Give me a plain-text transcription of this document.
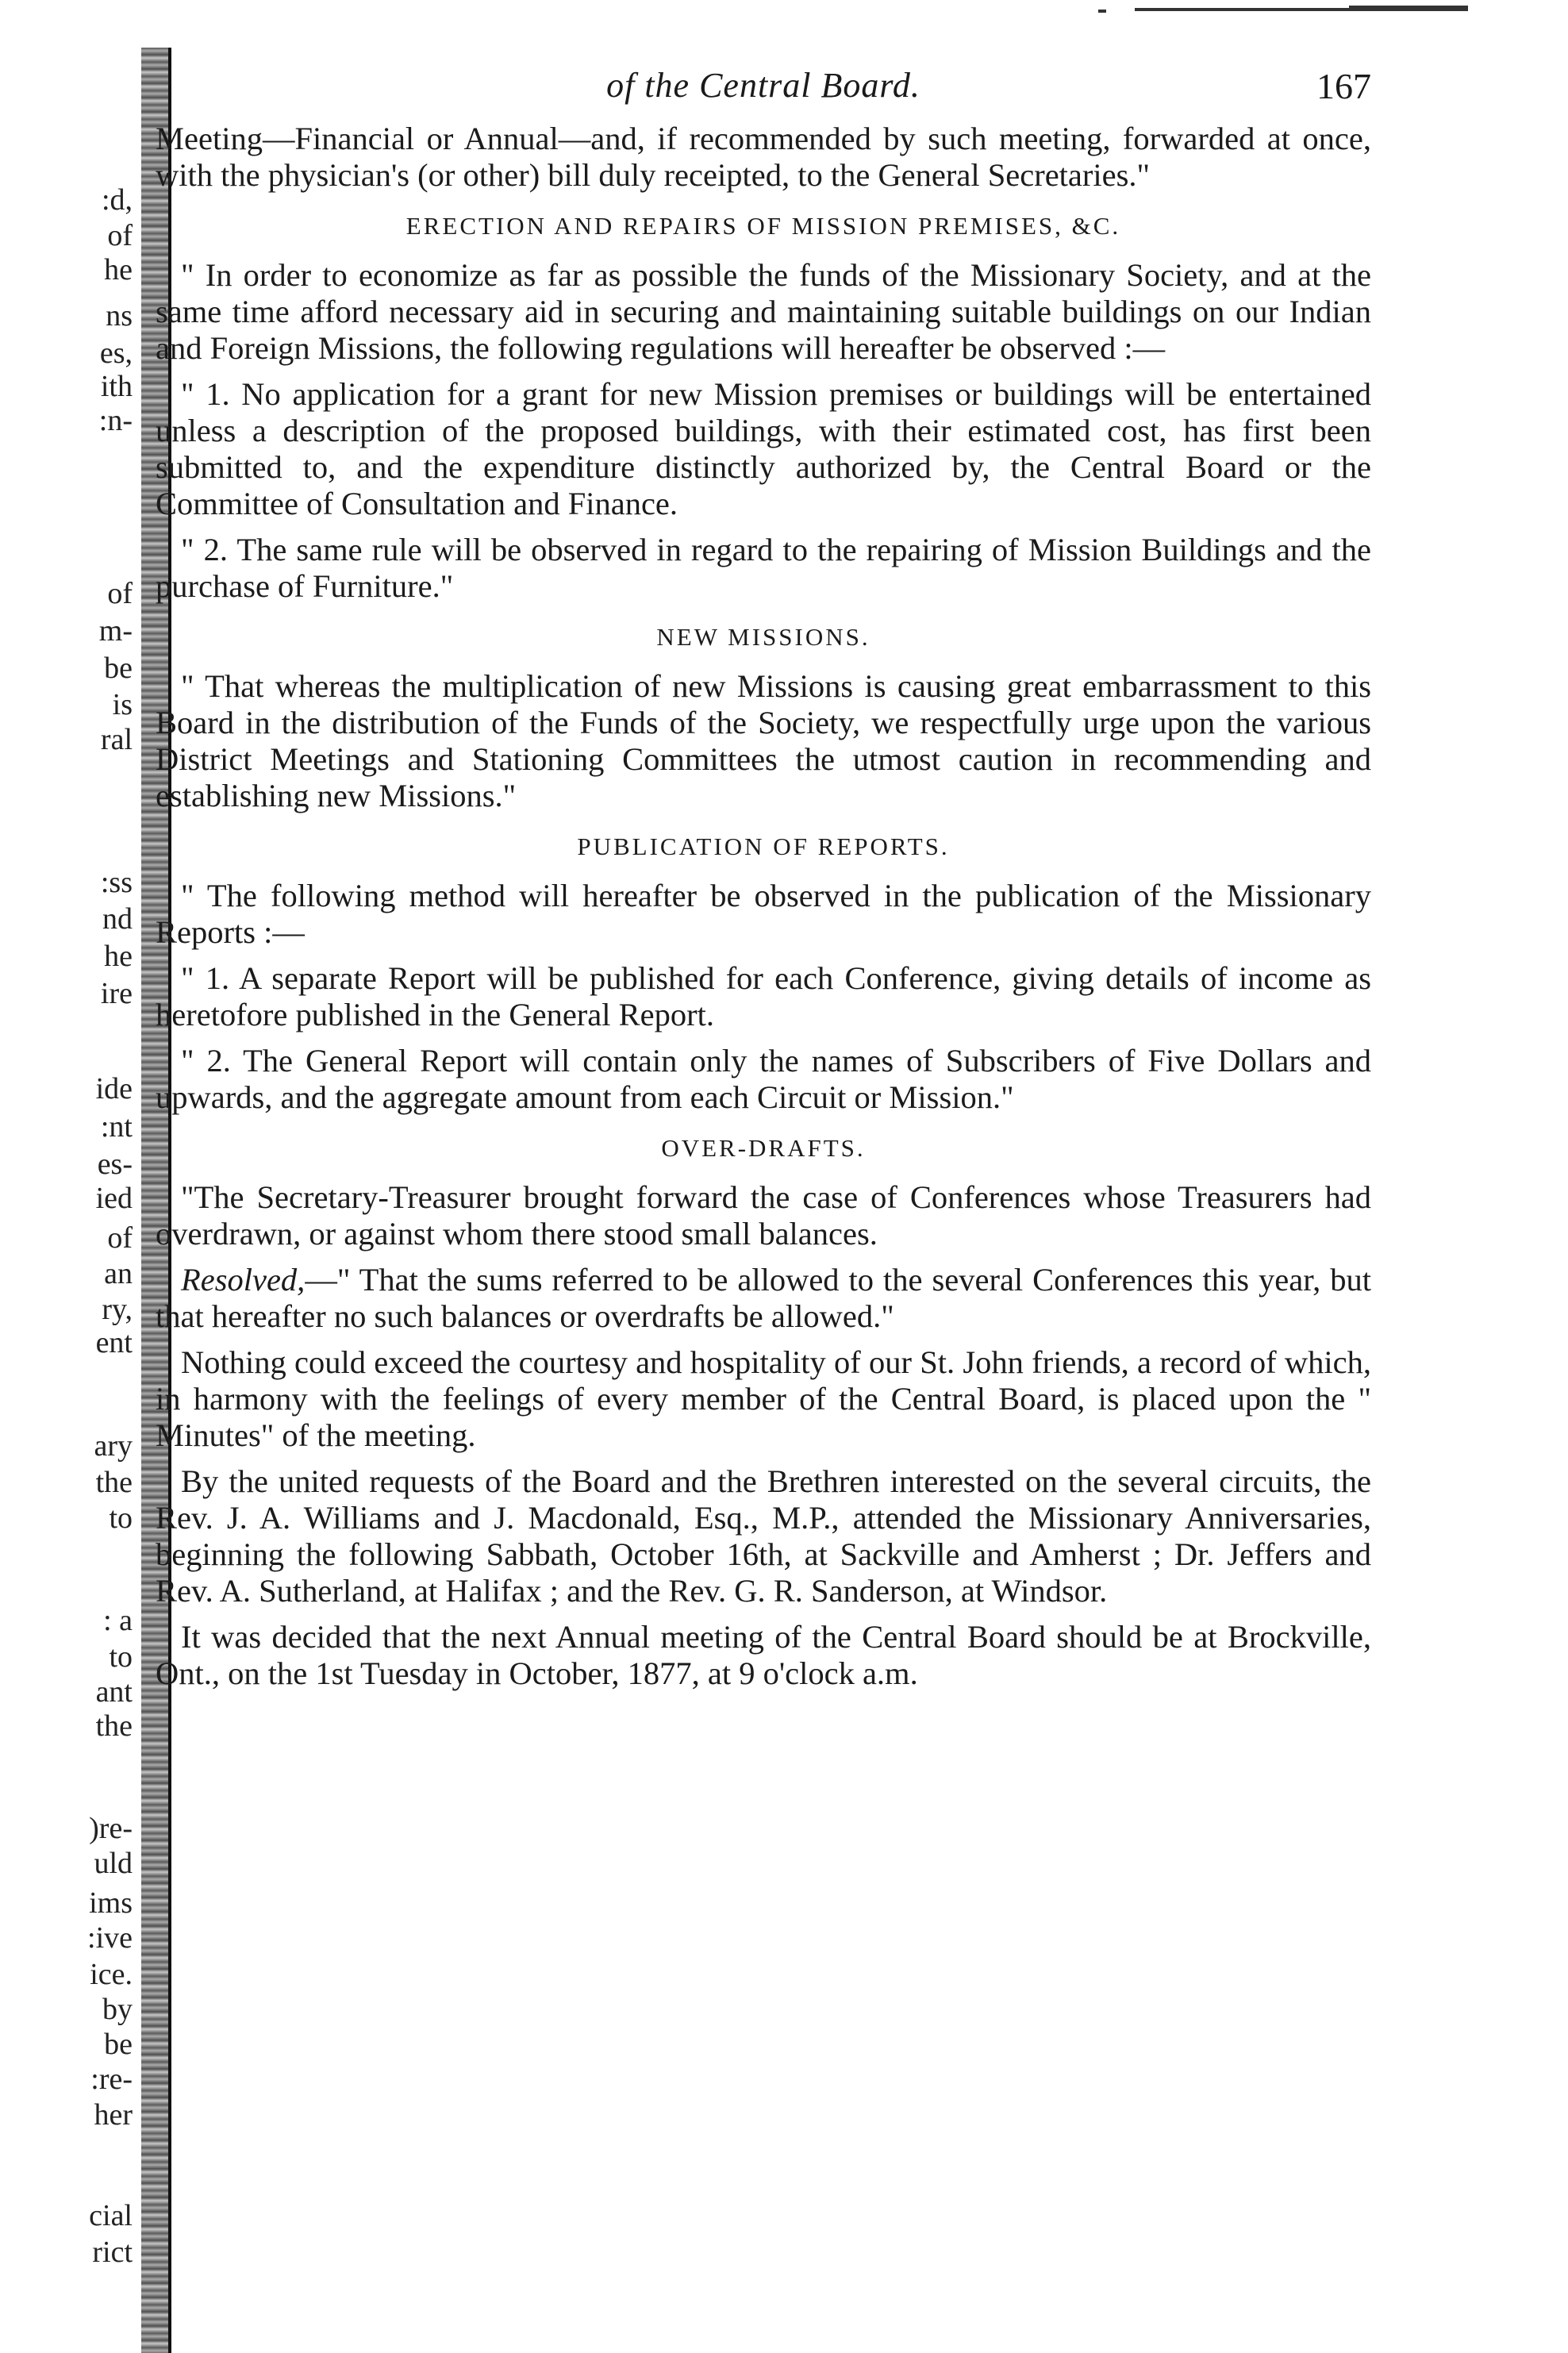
:d,
of
he
ns
es,
ith
:n-
of
m-
be
is
ral
:ss
nd
he
ire
ide
:nt
es-
ied
of
an
ry,
ent
ary
the
to
: a
to
ant
the
)re-
uld
ims
:ive
ice.
by
be
:re-
her
cial
rict
of the Central Board.	167

Meeting—Financial or Annual—and, if recommended by such meeting, forwarded at once, with the physician's (or other) bill duly receipted, to the General Secretaries."

ERECTION AND REPAIRS OF MISSION PREMISES, &C.

" In order to economize as far as possible the funds of the Missionary Society, and at the same time afford necessary aid in securing and maintaining suitable buildings on our Indian and Foreign Missions, the following regulations will hereafter be observed :—

" 1. No application for a grant for new Mission premises or buildings will be entertained unless a description of the proposed buildings, with their estimated cost, has first been submitted to, and the expenditure distinctly authorized by, the Central Board or the Committee of Consultation and Finance.

" 2. The same rule will be observed in regard to the repairing of Mission Buildings and the purchase of Furniture."

NEW MISSIONS.

" That whereas the multiplication of new Missions is causing great embarrassment to this Board in the distribution of the Funds of the Society, we respectfully urge upon the various District Meetings and Stationing Committees the utmost caution in recommending and establishing new Missions."

PUBLICATION OF REPORTS.

" The following method will hereafter be observed in the publication of the Missionary Reports :—

" 1. A separate Report will be published for each Conference, giving details of income as heretofore published in the General Report.

" 2. The General Report will contain only the names of Subscribers of Five Dollars and upwards, and the aggregate amount from each Circuit or Mission."

OVER-DRAFTS.

"The Secretary-Treasurer brought forward the case of Conferences whose Treasurers had overdrawn, or against whom there stood small balances.

Resolved,—" That the sums referred to be allowed to the several Conferences this year, but that hereafter no such balances or overdrafts be allowed."

Nothing could exceed the courtesy and hospitality of our St. John friends, a record of which, in harmony with the feelings of every member of the Central Board, is placed upon the " Minutes" of the meeting.

By the united requests of the Board and the Brethren interested on the several circuits, the Rev. J. A. Williams and J. Macdonald, Esq., M.P., attended the Missionary Anniversaries, beginning the following Sabbath, October 16th, at Sackville and Amherst ; Dr. Jeffers and Rev. A. Sutherland, at Halifax ; and the Rev. G. R. Sanderson, at Windsor.

It was decided that the next Annual meeting of the Central Board should be at Brockville, Ont., on the 1st Tuesday in October, 1877, at 9 o'clock a.m.
